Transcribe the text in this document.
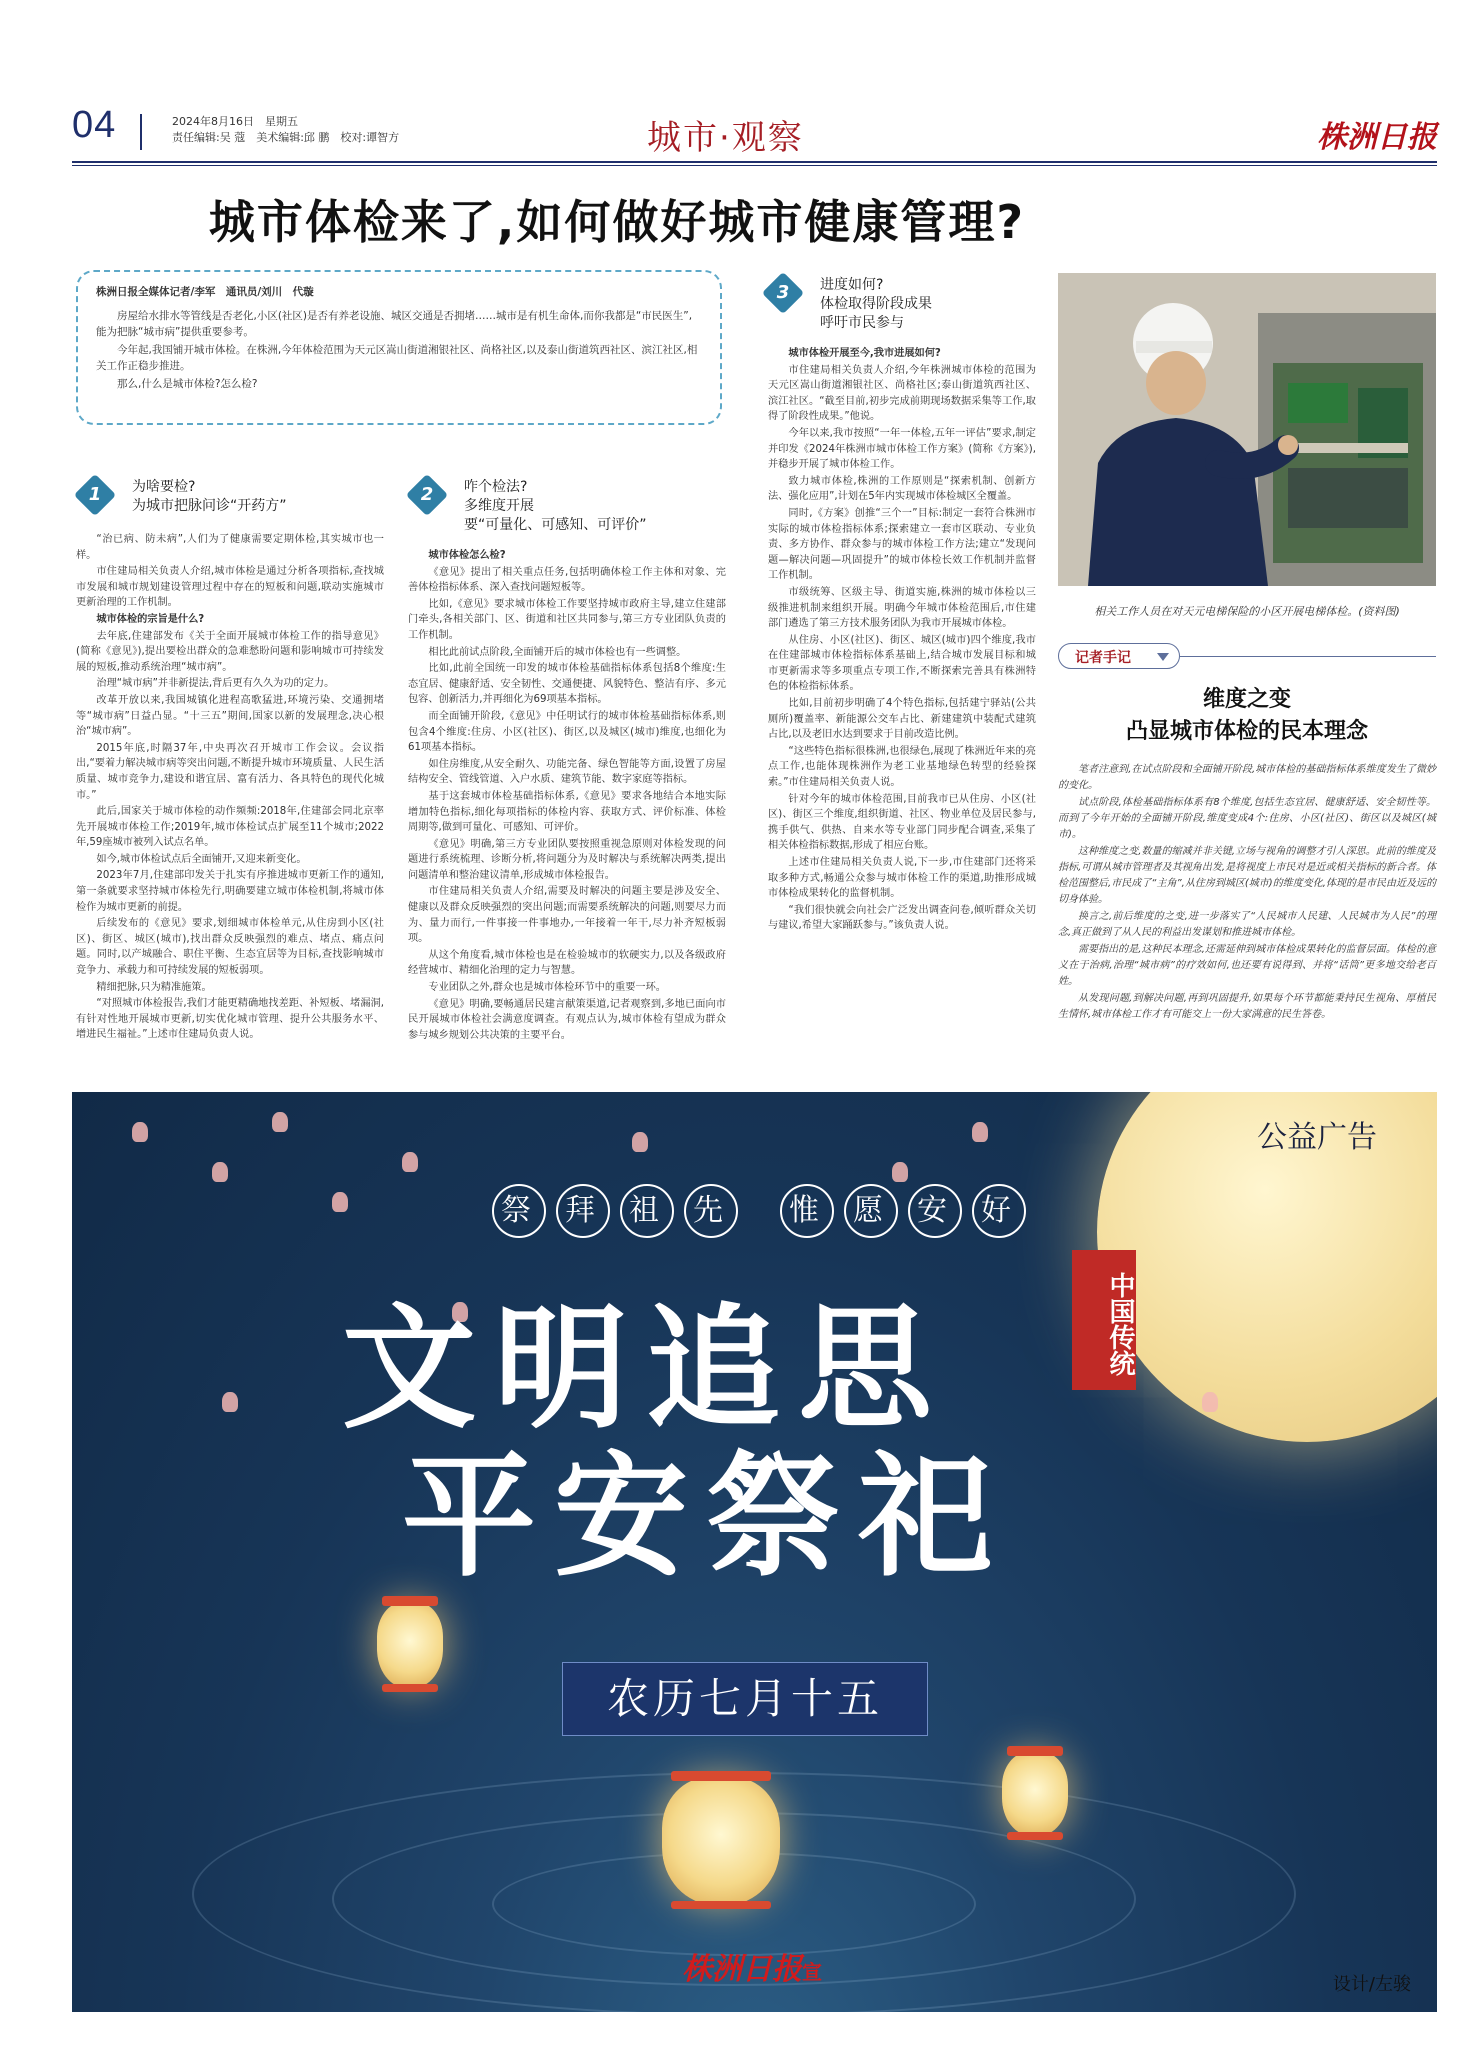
04	2024年8月16日　星期五
责任编辑:吴 蔻　美术编辑:邱 鹏　校对:谭智方	城市·观察	株洲日报
城市体检来了,如何做好城市健康管理?

株洲日报全媒体记者/李军　通讯员/刘川　代璇

房屋给水排水等管线是否老化,小区(社区)是否有养老设施、城区交通是否拥堵……城市是有机生命体,而你我都是“市民医生”,能为把脉“城市病”提供重要参考。

今年起,我国铺开城市体检。在株洲,今年体检范围为天元区嵩山街道湘银社区、尚格社区,以及泰山街道筑西社区、滨江社区,相关工作正稳步推进。

那么,什么是城市体检?怎么检?

1	为啥要检?
为城市把脉问诊“开药方”

“治已病、防未病”,人们为了健康需要定期体检,其实城市也一样。

市住建局相关负责人介绍,城市体检是通过分析各项指标,查找城市发展和城市规划建设管理过程中存在的短板和问题,联动实施城市更新治理的工作机制。

城市体检的宗旨是什么?

去年底,住建部发布《关于全面开展城市体检工作的指导意见》(简称《意见》),提出要检出群众的急难愁盼问题和影响城市可持续发展的短板,推动系统治理“城市病”。

治理“城市病”并非新提法,背后更有久久为功的定力。

改革开放以来,我国城镇化进程高歌猛进,环境污染、交通拥堵等“城市病”日益凸显。“十三五”期间,国家以新的发展理念,决心根治“城市病”。

2015年底,时隔37年,中央再次召开城市工作会议。会议指出,“要着力解决城市病等突出问题,不断提升城市环境质量、人民生活质量、城市竞争力,建设和谐宜居、富有活力、各具特色的现代化城市。”

此后,国家关于城市体检的动作频频:2018年,住建部会同北京率先开展城市体检工作;2019年,城市体检试点扩展至11个城市;2022年,59座城市被列入试点名单。

如今,城市体检试点后全面铺开,又迎来新变化。

2023年7月,住建部印发关于扎实有序推进城市更新工作的通知,第一条就要求坚持城市体检先行,明确要建立城市体检机制,将城市体检作为城市更新的前提。

后续发布的《意见》要求,划细城市体检单元,从住房到小区(社区)、街区、城区(城市),找出群众反映强烈的难点、堵点、痛点问题。同时,以产城融合、职住平衡、生态宜居等为目标,查找影响城市竞争力、承载力和可持续发展的短板弱项。

精细把脉,只为精准施策。

“对照城市体检报告,我们才能更精确地找差距、补短板、堵漏洞,有针对性地开展城市更新,切实优化城市管理、提升公共服务水平、增进民生福祉。”上述市住建局负责人说。

2	咋个检法?
多维度开展
要“可量化、可感知、可评价”

城市体检怎么检?

《意见》提出了相关重点任务,包括明确体检工作主体和对象、完善体检指标体系、深入查找问题短板等。

比如,《意见》要求城市体检工作要坚持城市政府主导,建立住建部门牵头,各相关部门、区、街道和社区共同参与,第三方专业团队负责的工作机制。

相比此前试点阶段,全面铺开后的城市体检也有一些调整。

比如,此前全国统一印发的城市体检基础指标体系包括8个维度:生态宜居、健康舒适、安全韧性、交通便捷、风貌特色、整洁有序、多元包容、创新活力,并再细化为69项基本指标。

而全面铺开阶段,《意见》中任明试行的城市体检基础指标体系,则包含4个维度:住房、小区(社区)、街区,以及城区(城市)维度,也细化为61项基本指标。

如住房维度,从安全耐久、功能完备、绿色智能等方面,设置了房屋结构安全、管线管道、入户水质、建筑节能、数字家庭等指标。

基于这套城市体检基础指标体系,《意见》要求各地结合本地实际增加特色指标,细化每项指标的体检内容、获取方式、评价标准、体检周期等,做到可量化、可感知、可评价。

《意见》明确,第三方专业团队要按照重视急原则对体检发现的问题进行系统梳理、诊断分析,将问题分为及时解决与系统解决两类,提出问题清单和整治建议清单,形成城市体检报告。

市住建局相关负责人介绍,需要及时解决的问题主要是涉及安全、健康以及群众反映强烈的突出问题;而需要系统解决的问题,则要尽力而为、量力而行,一件事接一件事地办,一年接着一年干,尽力补齐短板弱项。

从这个角度看,城市体检也是在检验城市的软硬实力,以及各级政府经营城市、精细化治理的定力与智慧。

专业团队之外,群众也是城市体检环节中的重要一环。

《意见》明确,要畅通居民建言献策渠道,记者观察到,多地已面向市民开展城市体检社会满意度调查。有观点认为,城市体检有望成为群众参与城乡规划公共决策的主要平台。

3	进度如何?
体检取得阶段成果
呼吁市民参与

城市体检开展至今,我市进展如何?

市住建局相关负责人介绍,今年株洲城市体检的范围为天元区嵩山街道湘银社区、尚格社区;泰山街道筑西社区、滨江社区。“截至目前,初步完成前期现场数据采集等工作,取得了阶段性成果。”他说。

今年以来,我市按照“一年一体检,五年一评估”要求,制定并印发《2024年株洲市城市体检工作方案》(简称《方案》),并稳步开展了城市体检工作。

致力城市体检,株洲的工作原则是“探索机制、创新方法、强化应用”,计划在5年内实现城市体检城区全覆盖。

同时,《方案》创推“三个一”目标:制定一套符合株洲市实际的城市体检指标体系;探索建立一套市区联动、专业负责、多方协作、群众参与的城市体检工作方法;建立“发现问题—解决问题—巩固提升”的城市体检长效工作机制并监督工作机制。

市级统筹、区级主导、街道实施,株洲的城市体检以三级推进机制来组织开展。明确今年城市体检范围后,市住建部门遴选了第三方技术服务团队为我市开展城市体检。

从住房、小区(社区)、街区、城区(城市)四个维度,我市在住建部城市体检指标体系基础上,结合城市发展目标和城市更新需求等多项重点专项工作,不断探索完善具有株洲特色的体检指标体系。

比如,目前初步明确了4个特色指标,包括建宁驿站(公共厕所)覆盖率、新能源公交车占比、新建建筑中装配式建筑占比,以及老旧水达到要求于目前改造比例。

“这些特色指标很株洲,也很绿色,展现了株洲近年来的亮点工作,也能体现株洲作为老工业基地绿色转型的经验探索。”市住建局相关负责人说。

针对今年的城市体检范围,目前我市已从住房、小区(社区)、街区三个维度,组织街道、社区、物业单位及居民参与,携手供气、供热、自来水等专业部门同步配合调查,采集了相关体检指标数据,形成了相应台账。

上述市住建局相关负责人说,下一步,市住建部门还将采取多种方式,畅通公众参与城市体检工作的渠道,助推形成城市体检成果转化的监督机制。

“我们很快就会向社会广泛发出调查问卷,倾听群众关切与建议,希望大家踊跃参与。”该负责人说。

相关工作人员在对天元电梯保险的小区开展电梯体检。(资料图)
记者手记
维度之变
凸显城市体检的民本理念

笔者注意到,在试点阶段和全面铺开阶段,城市体检的基础指标体系维度发生了微妙的变化。

试点阶段,体检基础指标体系有8个维度,包括生态宜居、健康舒适、安全韧性等。而到了今年开始的全面铺开阶段,维度变成4个:住房、小区(社区)、街区以及城区(城市)。

这种维度之变,数量的缩减并非关键,立场与视角的调整才引人深思。此前的维度及指标,可谓从城市管理者及其视角出发,是将视度上市民对是近或相关指标的新合者。体检范围整后,市民成了“主角”,从住房到城区(城市)的维度变化,体现的是市民由近及远的切身体验。

换言之,前后维度的之变,进一步落实了“人民城市人民建、人民城市为人民”的理念,真正做到了从人民的利益出发谋划和推进城市体检。

需要指出的是,这种民本理念,还需延伸到城市体检成果转化的监督层面。体检的意义在于治病,治理“城市病”的疗效如何,也还要有说得到、并将“话筒”更多地交给老百姓。

从发现问题,到解决问题,再到巩固提升,如果每个环节都能秉持民生视角、厚植民生情怀,城市体检工作才有可能交上一份大家满意的民生答卷。

公益广告
祭 拜 祖 先 惟 愿 安 好
文明追思	中国传统
平安祭祀
农历七月十五
株洲日报宣
设计/左骏
